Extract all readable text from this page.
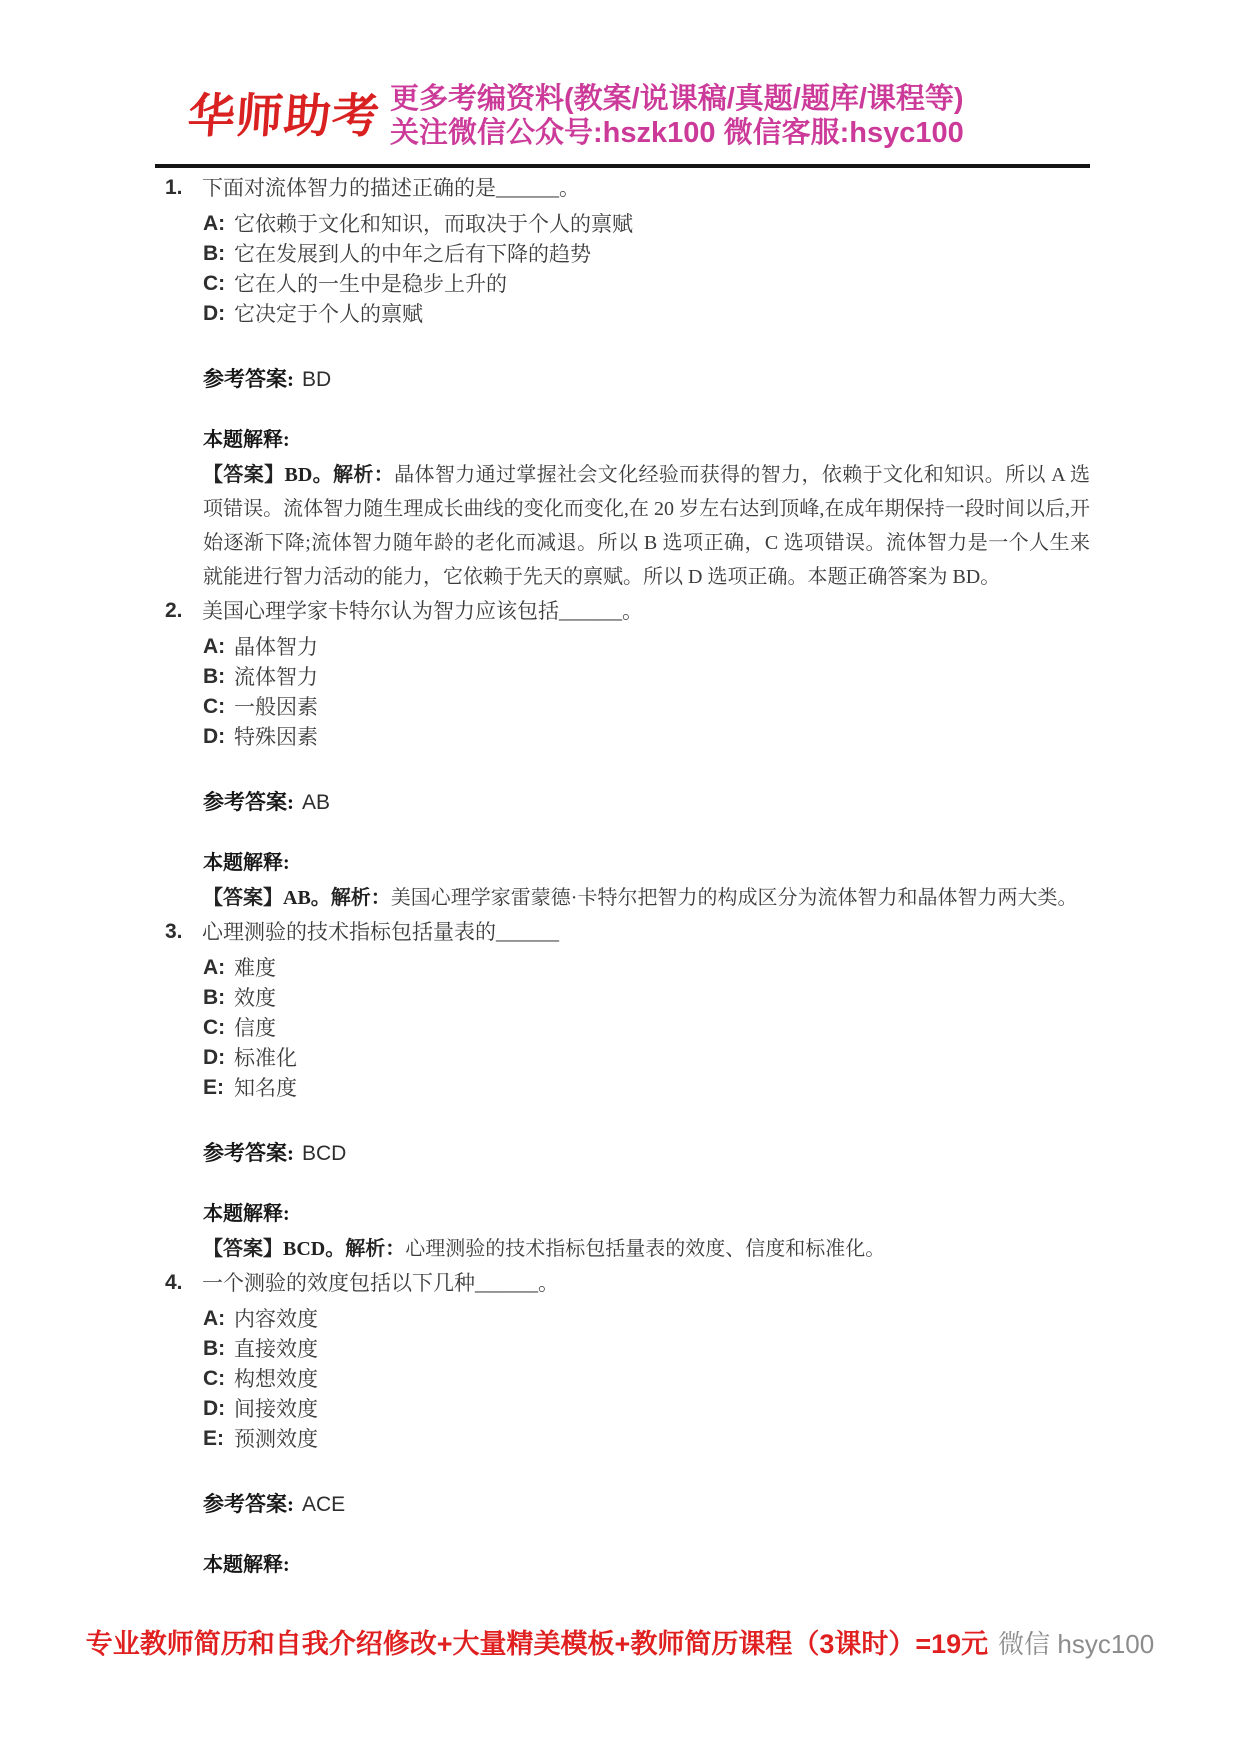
华师助考 更多考编资料(教案/说课稿/真题/题库/课程等)
关注微信公众号:hszk100 微信客服:hsyc100
1. 下面对流体智力的描述正确的是______。
A: 它依赖于文化和知识，而取决于个人的禀赋
B: 它在发展到人的中年之后有下降的趋势
C: 它在人的一生中是稳步上升的
D: 它决定于个人的禀赋
参考答案: BD
本题解释:

【答案】BD。解析：晶体智力通过掌握社会文化经验而获得的智力，依赖于文化和知识。所以 A 选项错误。流体智力随生理成长曲线的变化而变化,在 20 岁左右达到顶峰,在成年期保持一段时间以后,开始逐渐下降;流体智力随年龄的老化而减退。所以 B 选项正确，C 选项错误。流体智力是一个人生来就能进行智力活动的能力，它依赖于先天的禀赋。所以 D 选项正确。本题正确答案为 BD。

2. 美国心理学家卡特尔认为智力应该包括______。
A: 晶体智力
B: 流体智力
C: 一般因素
D: 特殊因素
参考答案: AB
本题解释:

【答案】AB。解析：美国心理学家雷蒙德·卡特尔把智力的构成区分为流体智力和晶体智力两大类。

3. 心理测验的技术指标包括量表的______
A: 难度
B: 效度
C: 信度
D: 标准化
E: 知名度
参考答案: BCD
本题解释:

【答案】BCD。解析：心理测验的技术指标包括量表的效度、信度和标准化。

4. 一个测验的效度包括以下几种______。
A: 内容效度
B: 直接效度
C: 构想效度
D: 间接效度
E: 预测效度
参考答案: ACE
本题解释:
专业教师简历和自我介绍修改+大量精美模板+教师简历课程（3课时）=19元 微信 hsyc100
